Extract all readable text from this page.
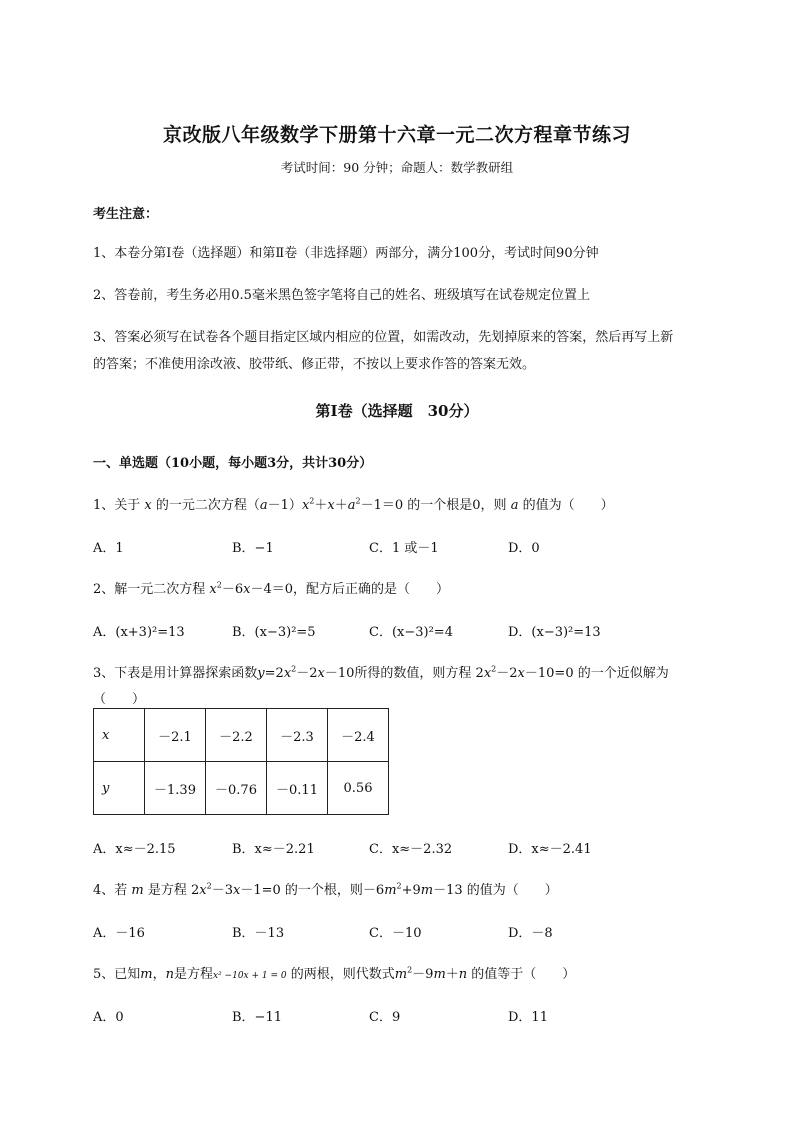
京改版八年级数学下册第十六章一元二次方程章节练习
考试时间：90 分钟；命题人：数学教研组
考生注意：
1、本卷分第Ⅰ卷（选择题）和第Ⅱ卷（非选择题）两部分，满分100分，考试时间90分钟
2、答卷前，考生务必用0.5毫米黑色签字笔将自己的姓名、班级填写在试卷规定位置上
3、答案必须写在试卷各个题目指定区域内相应的位置，如需改动，先划掉原来的答案，然后再写上新
的答案；不准使用涂改液、胶带纸、修正带，不按以上要求作答的答案无效。
第Ⅰ卷（选择题　30分）
一、单选题（10小题，每小题3分，共计30分）
1、关于 x 的一元二次方程$(a-1)x^2+x+a^2-1=0$ 的一个根是0，则 a 的值为（　　）
A．1	B．−1	C．1 或－1	D．0
2、解一元二次方程 $x^2-6x-4=0$，配方后正确的是（　　）
A．(x+3)²=13	B．(x−3)²=5	C．(x−3)²=4	D．(x−3)²=13
3、下表是用计算器探索函数$y=2x^2-2x-10$所得的数值，则方程 $2x^2-2x-10=0$ 的一个近似解为
（　　）
x	－2.1	－2.2	－2.3	－2.4
y	－1.39	－0.76	－0.11	0.56
A．x≈－2.15	B．x≈－2.21	C．x≈－2.32	D．x≈－2.41
4、若 m 是方程 $2x^2-3x-1=0$ 的一个根，则$-6m^2+9m-13$ 的值为（　　）
A．－16	B．－13	C．－10	D．－8
5、已知m，n是方程x² −10x + 1 = 0 的两根，则代数式$m^2-9m+n$ 的值等于（　　）
A．0	B．−11	C．9	D．11
